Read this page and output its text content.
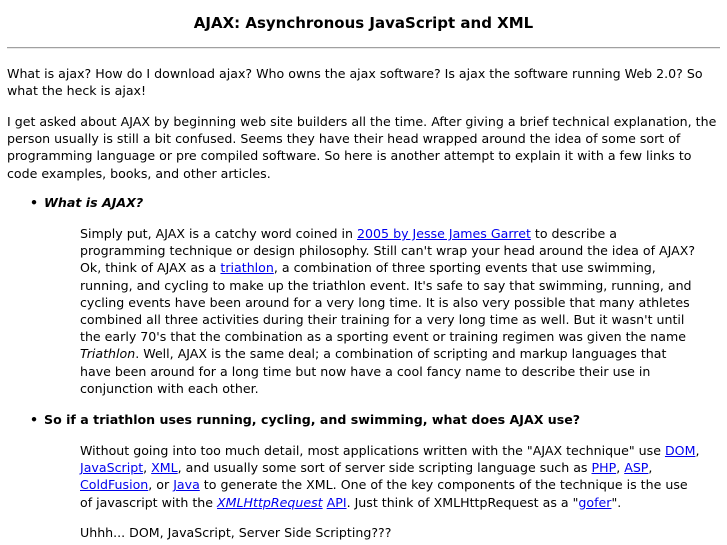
AJAX: Asynchronous JavaScript and XML

What is ajax? How do I download ajax? Who owns the ajax software? Is ajax the software running Web 2.0? So what the heck is ajax!

I get asked about AJAX by beginning web site builders all the time. After giving a brief technical explanation, the person usually is still a bit confused. Seems they have their head wrapped around the idea of some sort of programming language or pre compiled software. So here is another attempt to explain it with a few links to code examples, books, and other articles.

• What is AJAX?

Simply put, AJAX is a catchy word coined in 2005 by Jesse James Garret to describe a programming technique or design philosophy. Still can't wrap your head around the idea of AJAX? Ok, think of AJAX as a triathlon, a combination of three sporting events that use swimming, running, and cycling to make up the triathlon event. It's safe to say that swimming, running, and cycling events have been around for a very long time. It is also very possible that many athletes combined all three activities during their training for a very long time as well. But it wasn't until the early 70's that the combination as a sporting event or training regimen was given the name Triathlon. Well, AJAX is the same deal; a combination of scripting and markup languages that have been around for a long time but now have a cool fancy name to describe their use in conjunction with each other.

• So if a triathlon uses running, cycling, and swimming, what does AJAX use?

Without going into too much detail, most applications written with the "AJAX technique" use DOM, JavaScript, XML, and usually some sort of server side scripting language such as PHP, ASP, ColdFusion, or Java to generate the XML. One of the key components of the technique is the use of javascript with the XMLHttpRequest API. Just think of XMLHttpRequest as a "gofer".

Uhhh... DOM, JavaScript, Server Side Scripting???
